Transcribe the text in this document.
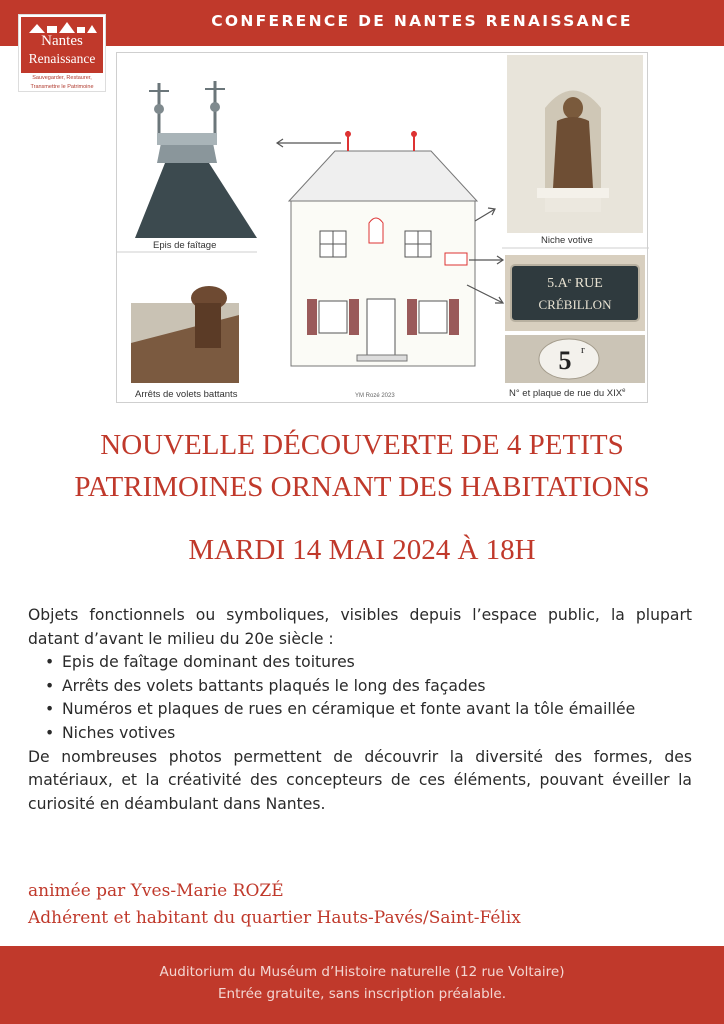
CONFERENCE DE NANTES RENAISSANCE
Nantes
Renaissance
Sauvegarder, Restaurer,
Transmettre le Patrimoine
5.Aᵉ RUE
CRÉBILLON
5 r
Epis de faîtage	Niche votive
Arrêts de volets battants	YM Rozé 2023	N° et plaque de rue du XIXe
NOUVELLE DÉCOUVERTE DE 4 PETITS
PATRIMOINES ORNANT DES HABITATIONS
MARDI 14 MAI 2024 À 18H

Objets fonctionnels ou symboliques, visibles depuis l’espace public, la plupart datant d’avant le milieu du 20e siècle :

• Epis de faîtage dominant des toitures
• Arrêts des volets battants plaqués le long des façades
• Numéros et plaques de rues en céramique et fonte avant la tôle émaillée
• Niches votives

De nombreuses photos permettent de découvrir la diversité des formes, des matériaux, et la créativité des concepteurs de ces éléments, pouvant éveiller la curiosité en déambulant dans Nantes.

animée par Yves-Marie ROZÉ
Adhérent et habitant du quartier Hauts-Pavés/Saint-Félix
Auditorium du Muséum d’Histoire naturelle (12 rue Voltaire)
Entrée gratuite, sans inscription préalable.
